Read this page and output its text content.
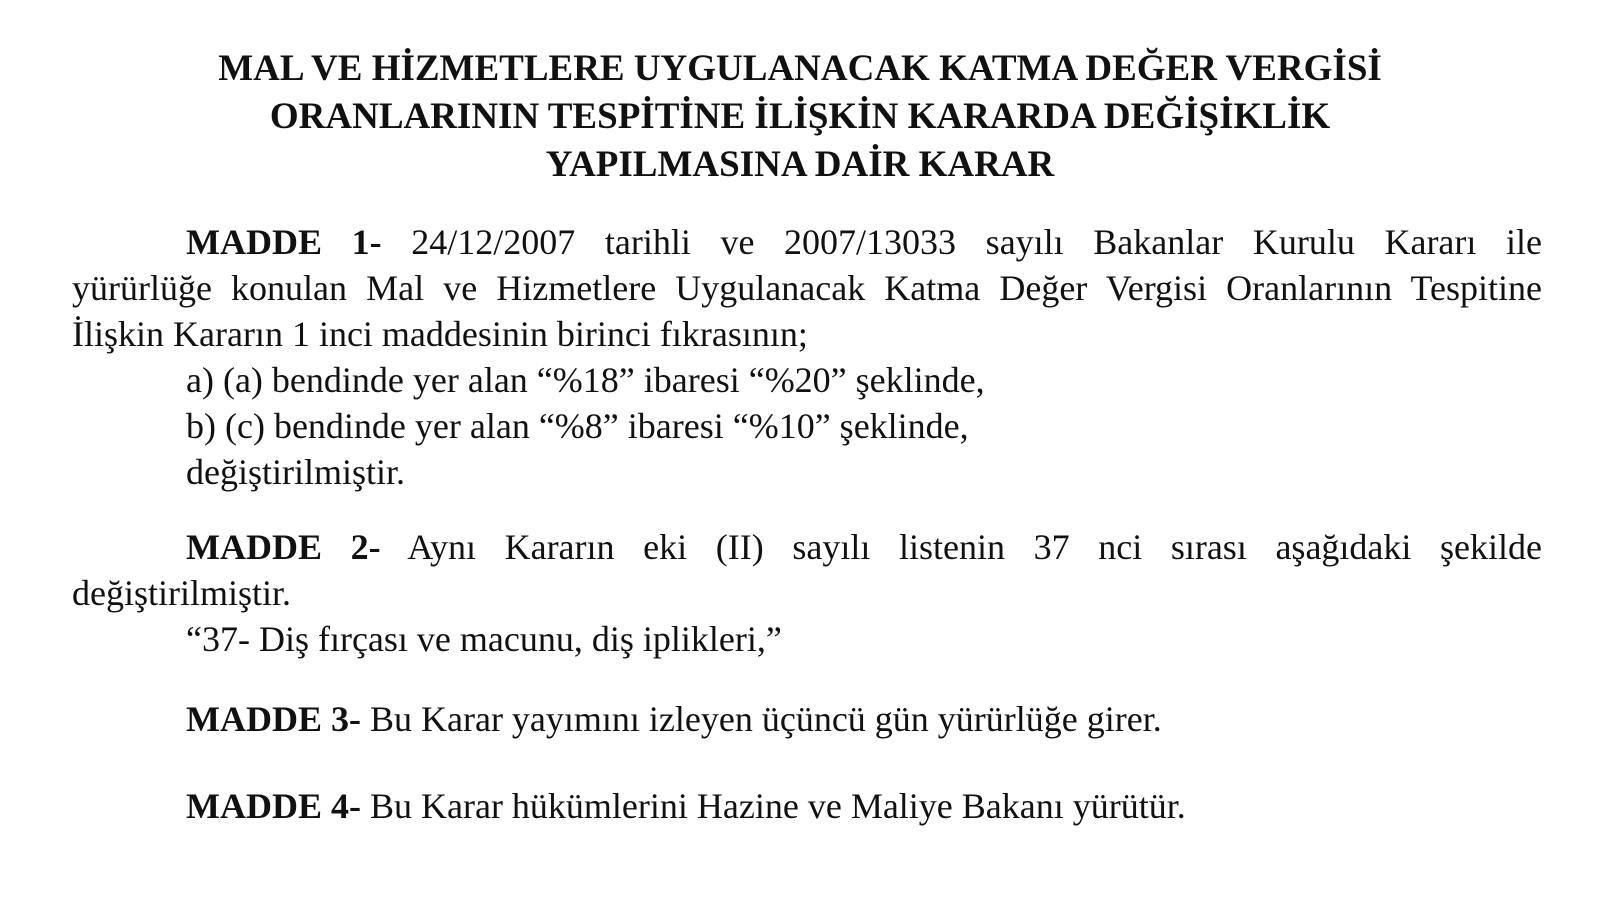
MAL VE HİZMETLERE UYGULANACAK KATMA DEĞER VERGİSİ
ORANLARININ TESPİTİNE İLİŞKİN KARARDA DEĞİŞİKLİK
YAPILMASINA DAİR KARAR
MADDE 1- 24/12/2007 tarihli ve 2007/13033 sayılı Bakanlar Kurulu Kararı ile
yürürlüğe konulan Mal ve Hizmetlere Uygulanacak Katma Değer Vergisi Oranlarının Tespitine
İlişkin Kararın 1 inci maddesinin birinci fıkrasının;
a) (a) bendinde yer alan “%18” ibaresi “%20” şeklinde,
b) (c) bendinde yer alan “%8” ibaresi “%10” şeklinde,
değiştirilmiştir.
MADDE 2- Aynı Kararın eki (II) sayılı listenin 37 nci sırası aşağıdaki şekilde
değiştirilmiştir.
“37- Diş fırçası ve macunu, diş iplikleri,”
MADDE 3- Bu Karar yayımını izleyen üçüncü gün yürürlüğe girer.
MADDE 4- Bu Karar hükümlerini Hazine ve Maliye Bakanı yürütür.
